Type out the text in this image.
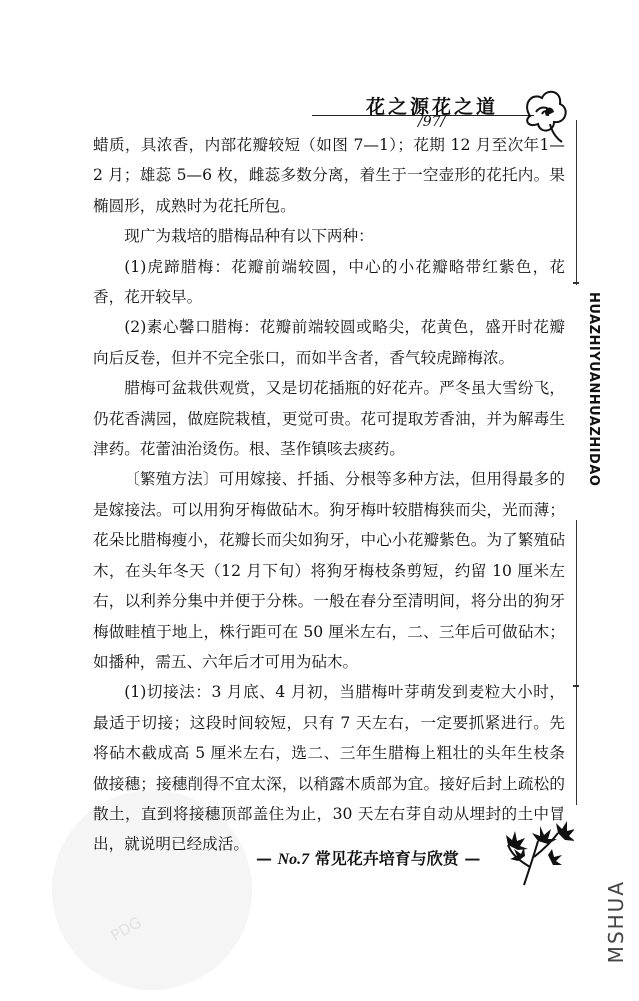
PDG
花之源花之道
/97/
HUAZHIYUANHUAZHIDAO

蜡质，具浓香，内部花瓣较短（如图 7—1）；花期 12 月至次年1—2 月；雄蕊 5—6 枚，雌蕊多数分离，着生于一空壶形的花托内。果椭圆形，成熟时为花托所包。

现广为栽培的腊梅品种有以下两种：

(1)虎蹄腊梅：花瓣前端较圆，中心的小花瓣略带红紫色，花香，花开较早。

(2)素心馨口腊梅：花瓣前端较圆或略尖，花黄色，盛开时花瓣向后反卷，但并不完全张口，而如半含者，香气较虎蹄梅浓。

腊梅可盆栽供观赏，又是切花插瓶的好花卉。严冬虽大雪纷飞，仍花香满园，做庭院栽植，更觉可贵。花可提取芳香油，并为解毒生津药。花蕾油治烫伤。根、茎作镇咳去痰药。

〔繁殖方法〕可用嫁接、扦插、分根等多种方法，但用得最多的是嫁接法。可以用狗牙梅做砧木。狗牙梅叶较腊梅狭而尖，光而薄；花朵比腊梅瘦小，花瓣长而尖如狗牙，中心小花瓣紫色。为了繁殖砧木，在头年冬天（12 月下旬）将狗牙梅枝条剪短，约留 10 厘米左右，以利养分集中并便于分株。一般在春分至清明间，将分出的狗牙梅做畦植于地上，株行距可在 50 厘米左右，二、三年后可做砧木；如播种，需五、六年后才可用为砧木。

(1)切接法：3 月底、4 月初，当腊梅叶芽萌发到麦粒大小时，最适于切接；这段时间较短，只有 7 天左右，一定要抓紧进行。先将砧木截成高 5 厘米左右，选二、三年生腊梅上粗壮的头年生枝条做接穗；接穗削得不宜太深，以稍露木质部为宜。接好后封上疏松的散土，直到将接穗顶部盖住为止，30 天左右芽自动从埋封的土中冒出，就说明已经成活。

— No.7 常见花卉培育与欣赏 —
MSHUA
